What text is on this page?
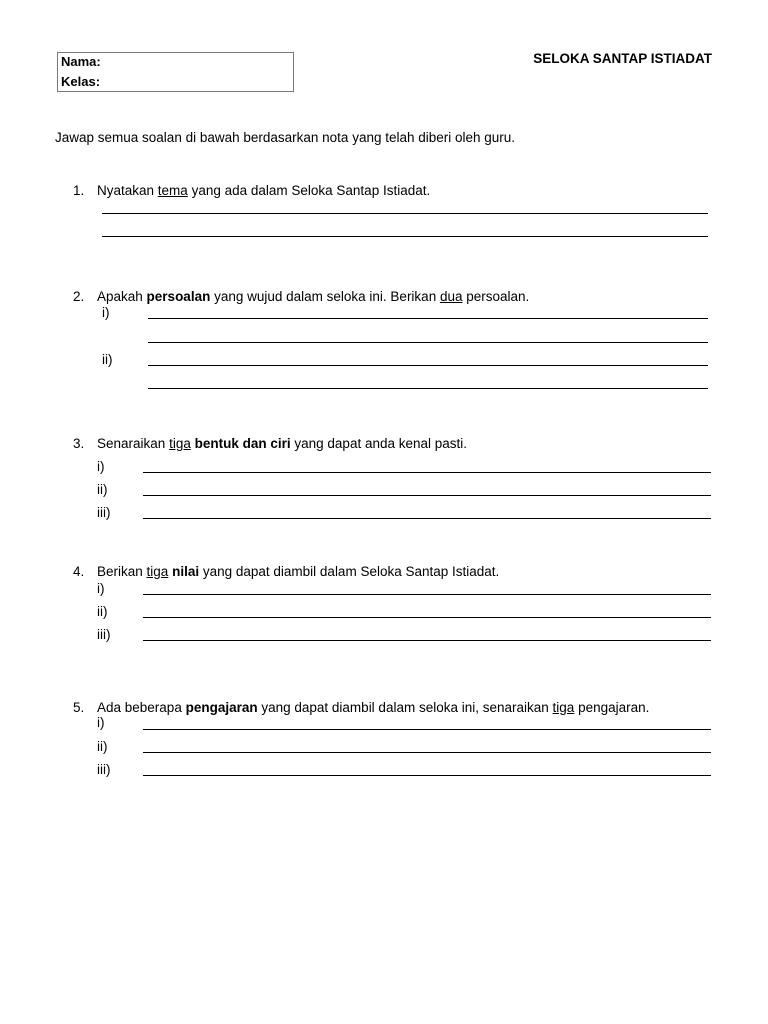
Nama:
Kelas:
SELOKA SANTAP ISTIADAT
Jawap semua soalan di bawah berdasarkan nota yang telah diberi oleh guru.
1. Nyatakan tema yang ada dalam Seloka Santap Istiadat.
2. Apakah persoalan yang wujud dalam seloka ini. Berikan dua persoalan.
i)
ii)
3. Senaraikan tiga bentuk dan ciri yang dapat anda kenal pasti.
i)
ii)
iii)
4. Berikan tiga nilai yang dapat diambil dalam Seloka Santap Istiadat.
i)
ii)
iii)
5. Ada beberapa pengajaran yang dapat diambil dalam seloka ini, senaraikan tiga pengajaran.
i)
ii)
iii)
